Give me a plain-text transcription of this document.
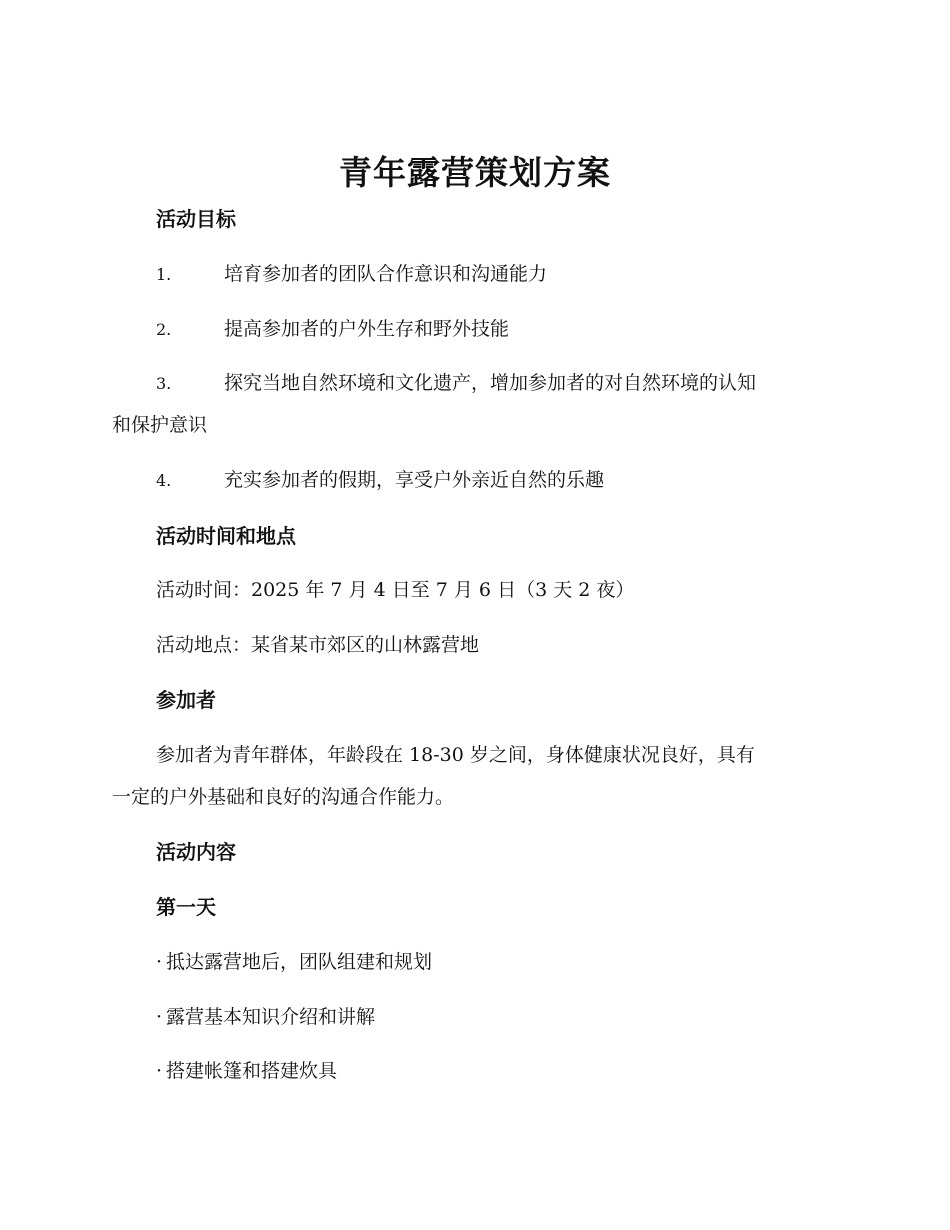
青年露营策划方案
活动目标
1.	培育参加者的团队合作意识和沟通能力
2.	提高参加者的户外生存和野外技能
3.	探究当地自然环境和文化遗产，增加参加者的对自然环境的认知
和保护意识
4.	充实参加者的假期，享受户外亲近自然的乐趣
活动时间和地点
活动时间：2025 年 7 月 4 日至 7 月 6 日（3 天 2 夜）
活动地点：某省某市郊区的山林露营地
参加者
参加者为青年群体，年龄段在 18-30 岁之间，身体健康状况良好，具有
一定的户外基础和良好的沟通合作能力。
活动内容
第一天
· 抵达露营地后，团队组建和规划
· 露营基本知识介绍和讲解
· 搭建帐篷和搭建炊具
